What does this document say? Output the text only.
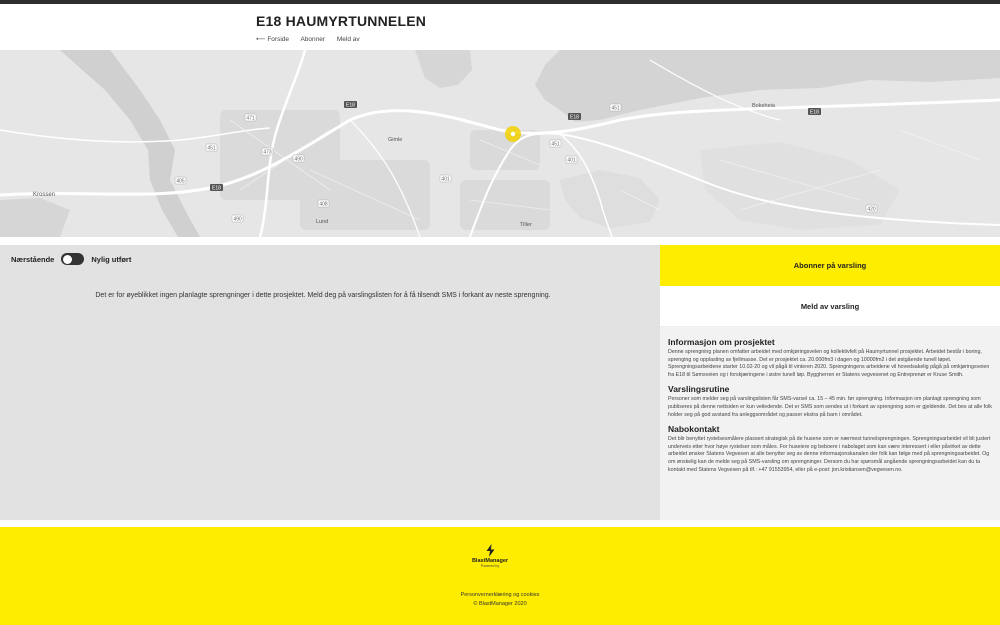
E18 HAUMYRTUNNELEN
⟵ Forside Abonner Meld av
E18
E18
E18
E18
471
473
490
490
401
401
451
405
408
451
420
451
Krossen
Bokeheia
Lund
Gimle
Tiller
Nærstående	Nylig utført
Det er for øyeblikket ingen planlagte sprengninger i dette prosjektet. Meld deg på varslingslisten for å få tilsendt SMS i forkant av neste sprengning.
Abonner på varsling
Meld av varsling
Informasjon om prosjektet

Denne sprengning planen omfatter arbeidet med omkjøringsvelen og kollektivfelt på Haumyrtunnel prosjektet. Arbeidet består i boring, sprenging og opplasting av fjellmasse. Det er prosjektet ca. 20.000fm3 i dagen og 10000fm2 i det østgående tunell løpet. Sprengningsarbeidene starter 10.02-20 og vil pågå til vinteren 2020. Sprengningens arbeidene vil hovedsakelig pågå på omkjøringsveien fra E18 til Sømsveien og i forskjæringene i østre tunell løp. Byggherren er Statens vegvesenet og Entreprenør er Kruse Smith.

Varslingsrutine

Personer som melder seg på varslingslisten får SMS-varsel ca. 15 – 45 min. før sprengning. Informasjon om planlagt sprengning som publiseres på denne nettsiden er kun veiledende. Det er SMS som sendes ut i forkant av sprengning som er gjeldende. Det bes at alle folk holder seg på god avstand fra anleggsområdet og passer ekstra på barn i området.

Nabokontakt

Det blir benyttet rystelsesmålere plassert strategisk på de husene som er nærmest tunnelsprengningen. Sprengningsarbeidet vil bli justert underveis etter hvor høye rystelser som måles. For huseiere og beboere i nabolaget som kan være interessert i eller påvirket av dette arbeidet ønsker Statens Vegvesen at alle benytter seg av denne informasjonskanalen der folk kan følge med på sprengningsarbeidet. Og om ønskelig kan de melde seg på SMS-varsling om sprengninger. Dersom du har spørsmål angående sprengningsarbeidet kan du ta kontakt med Statens Vegvesen på tlf.: +47 91553954, eller på e-post: jon.kristiansen@vegvesen.no.

BlastManager
Powered by
Personvernerklæring og cookies
© BlastManager 2020
